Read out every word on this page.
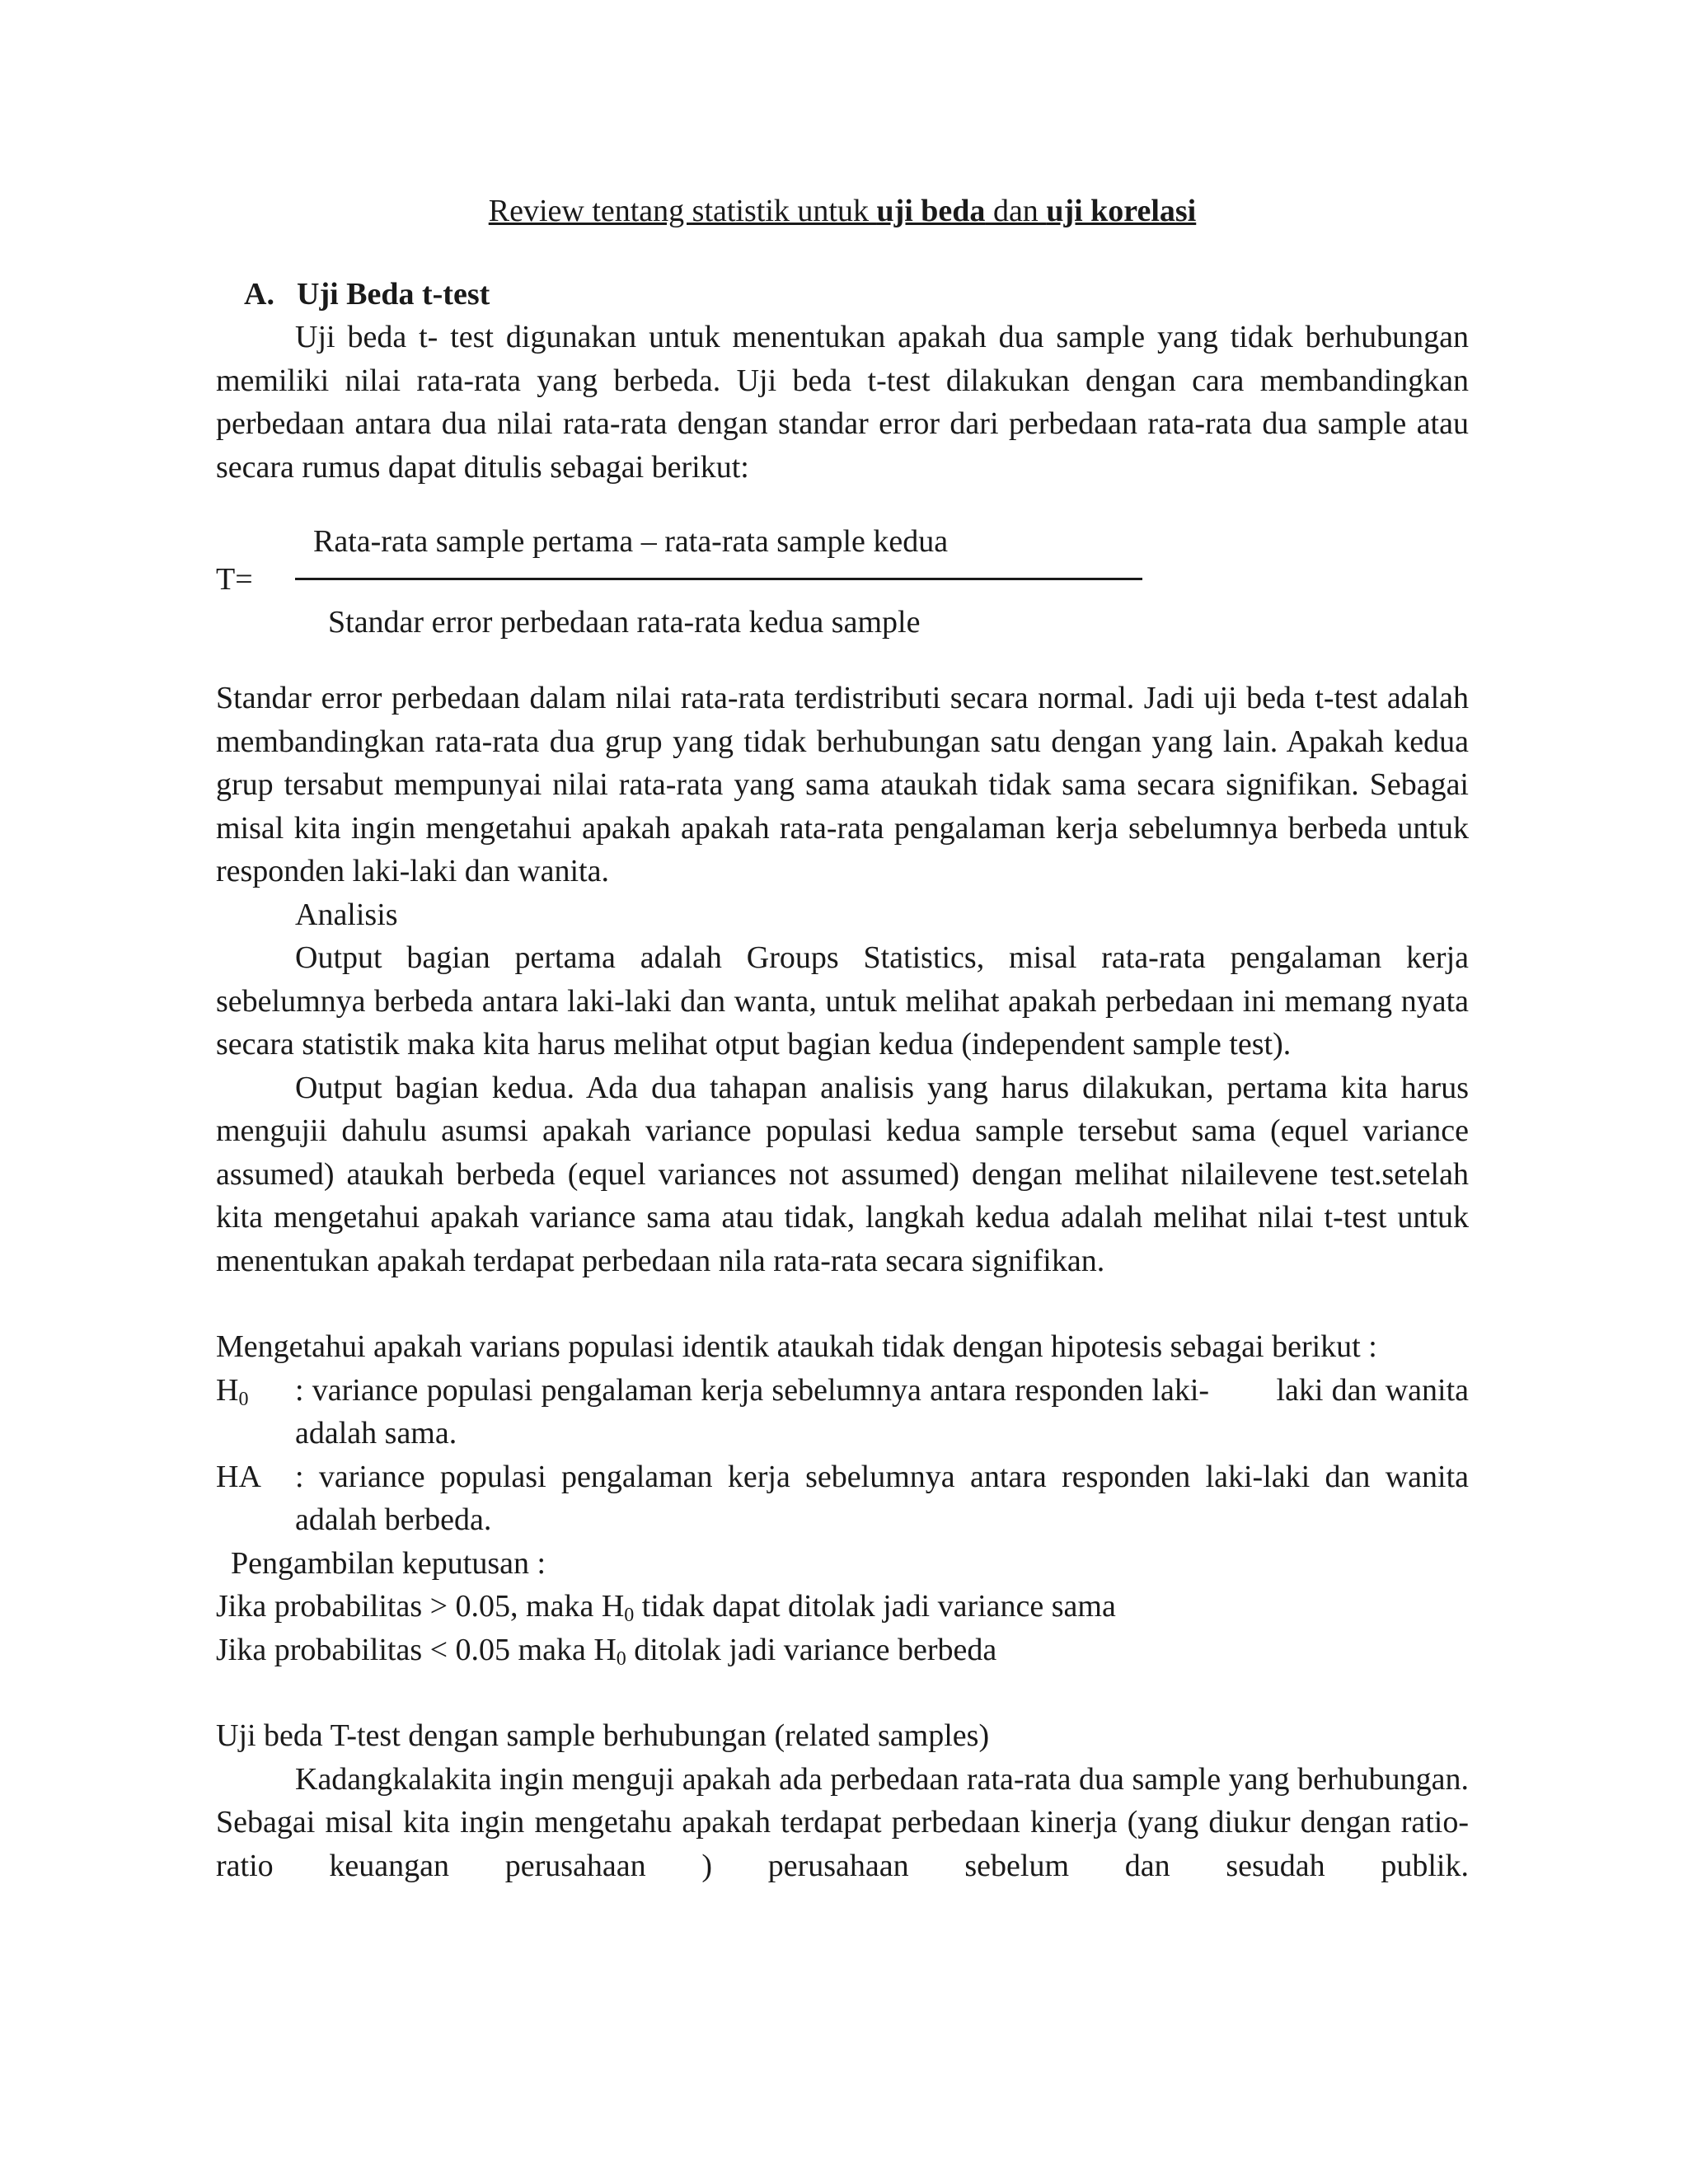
Review tentang statistik untuk uji beda dan uji korelasi

A. Uji Beda t-test

Uji beda t- test digunakan untuk menentukan apakah dua sample yang tidak berhubungan memiliki nilai rata-rata yang berbeda. Uji beda t-test dilakukan dengan cara membandingkan perbedaan antara dua nilai rata-rata dengan standar error dari perbedaan rata-rata dua sample atau secara rumus dapat ditulis sebagai berikut:

Rata-rata sample pertama – rata-rata sample kedua
T=
Standar error perbedaan rata-rata kedua sample

Standar error perbedaan dalam nilai rata-rata terdistributi secara normal. Jadi uji beda t-test adalah membandingkan rata-rata dua grup yang tidak berhubungan satu dengan yang lain. Apakah kedua grup tersabut mempunyai nilai rata-rata yang sama ataukah tidak sama secara signifikan. Sebagai misal kita ingin mengetahui apakah apakah rata-rata pengalaman kerja sebelumnya berbeda untuk responden laki-laki dan wanita.

Analisis

Output bagian pertama adalah Groups Statistics, misal rata-rata pengalaman kerja sebelumnya berbeda antara laki-laki dan wanta, untuk melihat apakah perbedaan ini memang nyata secara statistik maka kita harus melihat otput bagian kedua (independent sample test).

Output bagian kedua. Ada dua tahapan analisis yang harus dilakukan, pertama kita harus mengujii dahulu asumsi apakah variance populasi kedua sample tersebut sama (equel variance assumed) ataukah berbeda (equel variances not assumed) dengan melihat nilailevene test.setelah kita mengetahui apakah variance sama atau tidak, langkah kedua adalah melihat nilai t-test untuk menentukan apakah terdapat perbedaan nila rata-rata secara signifikan.

Mengetahui apakah varians populasi identik ataukah tidak dengan hipotesis sebagai berikut :

$H_0$	: variance populasi pengalaman kerja sebelumnya antara responden laki-        laki dan wanita adalah sama.
HA	: variance populasi pengalaman kerja sebelumnya antara responden laki-laki dan wanita adalah berbeda.

Pengambilan keputusan :

Jika probabilitas > 0.05, maka $H_0$ tidak dapat ditolak jadi variance sama

Jika probabilitas < 0.05 maka $H_0$ ditolak jadi variance berbeda

Uji beda T-test dengan sample berhubungan (related samples)

Kadangkalakita ingin menguji apakah ada perbedaan rata-rata dua sample yang berhubungan. Sebagai misal kita ingin mengetahu apakah terdapat perbedaan kinerja (yang diukur dengan ratio-ratio keuangan perusahaan ) perusahaan sebelum dan sesudah publik.
